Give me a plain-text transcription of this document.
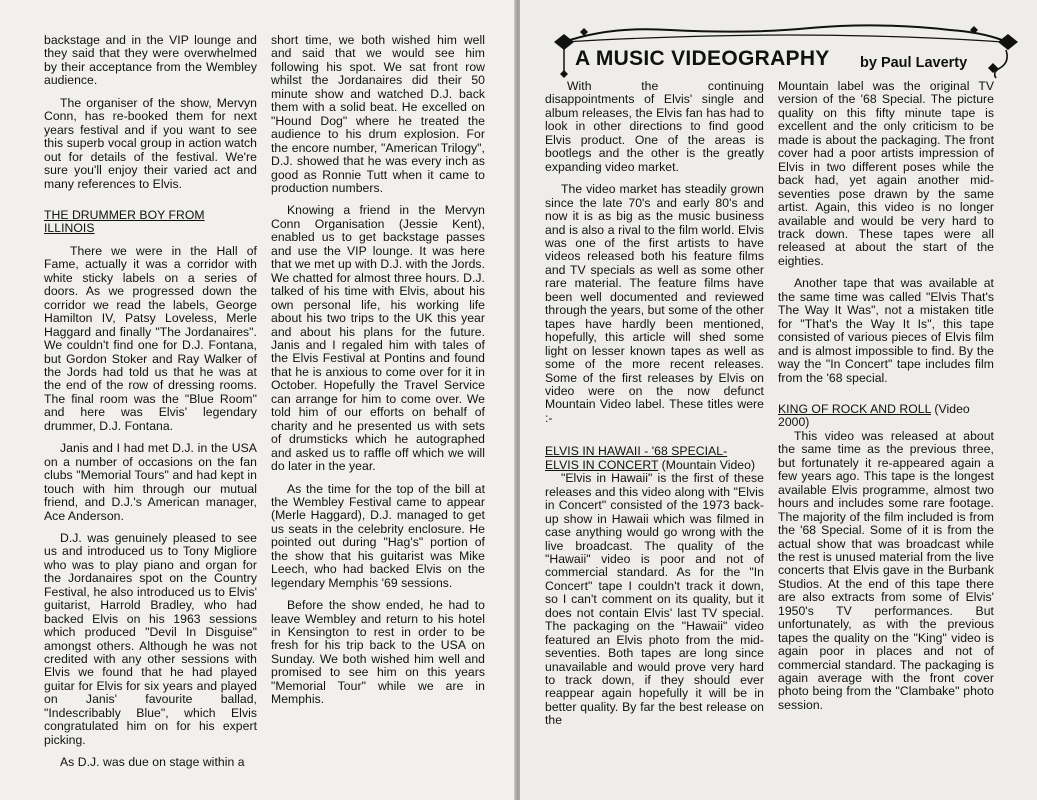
backstage and in the VIP lounge and they said that they were overwhelmed by their acceptance from the Wembley audience.

The organiser of the show, Mervyn Conn, has re-booked them for next years festival and if you want to see this superb vocal group in action watch out for details of the festival. We're sure you'll enjoy their varied act and many references to Elvis.

THE DRUMMER BOY FROM ILLINOIS

There we were in the Hall of Fame, actually it was a corridor with white sticky labels on a series of doors. As we progressed down the corridor we read the labels, George Hamilton IV, Patsy Loveless, Merle Haggard and finally "The Jordanaires". We couldn't find one for D.J. Fontana, but Gordon Stoker and Ray Walker of the Jords had told us that he was at the end of the row of dressing rooms. The final room was the "Blue Room" and here was Elvis' legendary drummer, D.J. Fontana.

Janis and I had met D.J. in the USA on a number of occasions on the fan clubs "Memorial Tours" and had kept in touch with him through our mutual friend, and D.J.'s American manager, Ace Anderson.

D.J. was genuinely pleased to see us and introduced us to Tony Migliore who was to play piano and organ for the Jordanaires spot on the Country Festival, he also introduced us to Elvis' guitarist, Harrold Bradley, who had backed Elvis on his 1963 sessions which produced "Devil In Disguise" amongst others. Although he was not credited with any other sessions with Elvis we found that he had played guitar for Elvis for six years and played on Janis' favourite ballad, "Indescribably Blue", which Elvis congratulated him on for his expert picking.

As D.J. was due on stage within a

short time, we both wished him well and said that we would see him following his spot. We sat front row whilst the Jordanaires did their 50 minute show and watched D.J. back them with a solid beat. He excelled on "Hound Dog" where he treated the audience to his drum explosion. For the encore number, "American Trilogy", D.J. showed that he was every inch as good as Ronnie Tutt when it came to production numbers.

Knowing a friend in the Mervyn Conn Organisation (Jessie Kent), enabled us to get backstage passes and use the VIP lounge. It was here that we met up with D.J. with the Jords. We chatted for almost three hours. D.J. talked of his time with Elvis, about his own personal life, his working life about his two trips to the UK this year and about his plans for the future. Janis and I regaled him with tales of the Elvis Festival at Pontins and found that he is anxious to come over for it in October. Hopefully the Travel Service can arrange for him to come over. We told him of our efforts on behalf of charity and he presented us with sets of drumsticks which he autographed and asked us to raffle off which we will do later in the year.

As the time for the top of the bill at the Wembley Festival came to appear (Merle Haggard), D.J. managed to get us seats in the celebrity enclosure. He pointed out during "Hag's" portion of the show that his guitarist was Mike Leech, who had backed Elvis on the legendary Memphis '69 sessions.

Before the show ended, he had to leave Wembley and return to his hotel in Kensington to rest in order to be fresh for his trip back to the USA on Sunday. We both wished him well and promised to see him on this years "Memorial Tour" while we are in Memphis.

A MUSIC VIDEOGRAPHY by Paul Laverty

With the continuing disappointments of Elvis' single and album releases, the Elvis fan has had to look in other directions to find good Elvis product. One of the areas is bootlegs and the other is the greatly expanding video market.

The video market has steadily grown since the late 70's and early 80's and now it is as big as the music business and is also a rival to the film world. Elvis was one of the first artists to have videos released both his feature films and TV specials as well as some other rare material. The feature films have been well documented and reviewed through the years, but some of the other tapes have hardly been mentioned, hopefully, this article will shed some light on lesser known tapes as well as some of the more recent releases. Some of the first releases by Elvis on video were on the now defunct Mountain Video label. These titles were :-

ELVIS IN HAWAII - '68 SPECIAL- ELVIS IN CONCERT (Mountain Video)

"Elvis in Hawaii" is the first of these releases and this video along with "Elvis in Concert" consisted of the 1973 back-up show in Hawaii which was filmed in case anything would go wrong with the live broadcast. The quality of the "Hawaii" video is poor and not of commercial standard. As for the "In Concert" tape I couldn't track it down, so I can't comment on its quality, but it does not contain Elvis' last TV special. The packaging on the "Hawaii" video featured an Elvis photo from the mid-seventies. Both tapes are long since unavailable and would prove very hard to track down, if they should ever reappear again hopefully it will be in better quality. By far the best release on the

Mountain label was the original TV version of the '68 Special. The picture quality on this fifty minute tape is excellent and the only criticism to be made is about the packaging. The front cover had a poor artists impression of Elvis in two different poses while the back had, yet again another mid-seventies pose drawn by the same artist. Again, this video is no longer available and would be very hard to track down. These tapes were all released at about the start of the eighties.

Another tape that was available at the same time was called "Elvis That's The Way It Was", not a mistaken title for "That's the Way It Is", this tape consisted of various pieces of Elvis film and is almost impossible to find. By the way the "In Concert" tape includes film from the '68 special.

KING OF ROCK AND ROLL (Video 2000)

This video was released at about the same time as the previous three, but fortunately it re-appeared again a few years ago. This tape is the longest available Elvis programme, almost two hours and includes some rare footage. The majority of the film included is from the '68 Special. Some of it is from the actual show that was broadcast while the rest is unused material from the live concerts that Elvis gave in the Burbank Studios. At the end of this tape there are also extracts from some of Elvis' 1950's TV performances. But unfortunately, as with the previous tapes the quality on the "King" video is again poor in places and not of commercial standard. The packaging is again average with the front cover photo being from the "Clambake" photo session.
